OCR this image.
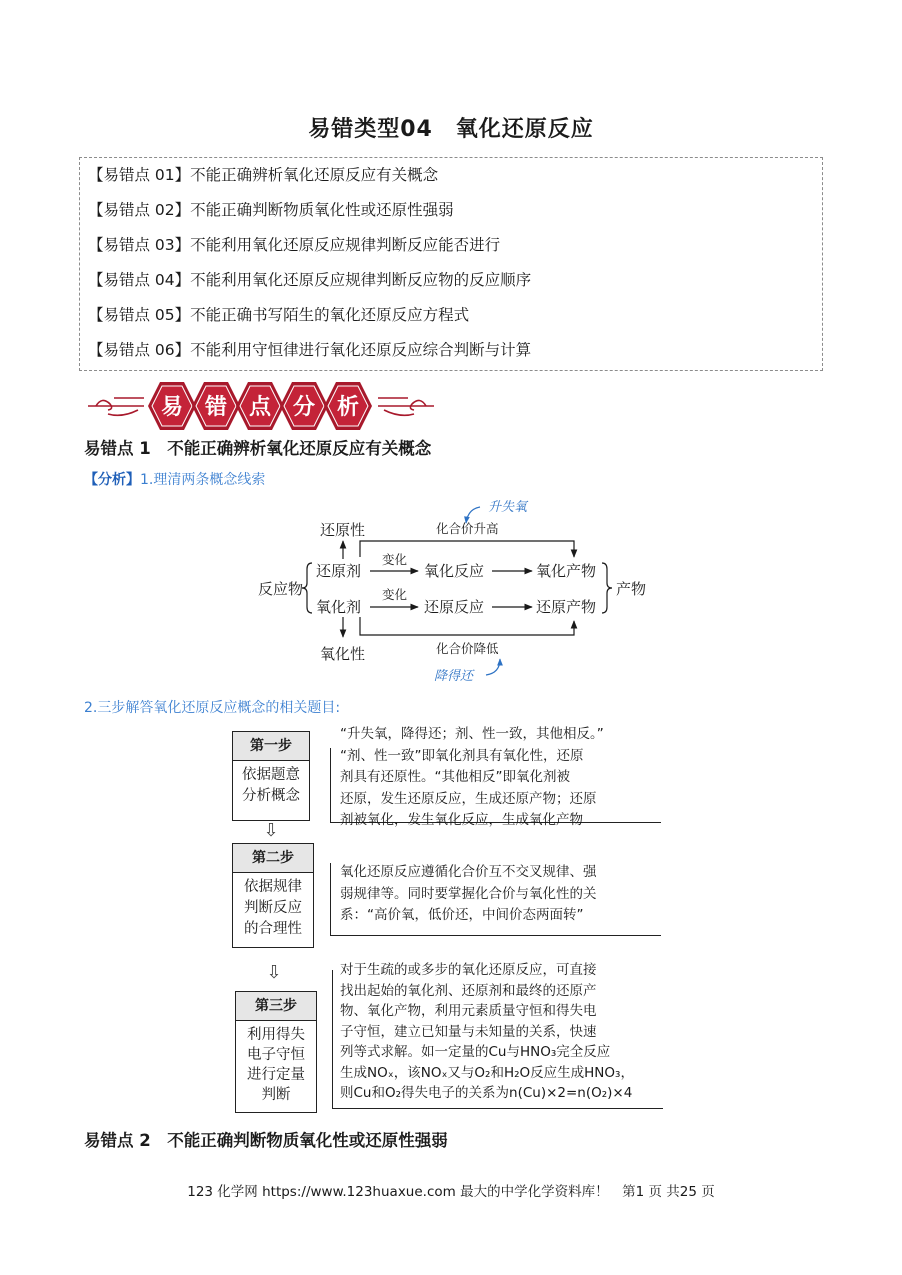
易错类型04　氧化还原反应
【易错点 01】不能正确辨析氧化还原反应有关概念
【易错点 02】不能正确判断物质氧化性或还原性强弱
【易错点 03】不能利用氧化还原反应规律判断反应能否进行
【易错点 04】不能利用氧化还原反应规律判断反应物的反应顺序
【易错点 05】不能正确书写陌生的氧化还原反应方程式
【易错点 06】不能利用守恒律进行氧化还原反应综合判断与计算
易 错 点 分 析
易错点 1　不能正确辨析氧化还原反应有关概念
【分析】1.理清两条概念线索
升失氧
降得还
还原性	化合价升高
反应物
还原剂
氧化剂
氧化性	化合价降低
变化
氧化反应	氧化产物
变化
还原反应	还原产物
产物
2.三步解答氧化还原反应概念的相关题目:
第一步
依据题意
分析概念
“升失氧，降得还；剂、性一致，其他相反。”
“剂、性一致”即氧化剂具有氧化性，还原
剂具有还原性。“其他相反”即氧化剂被
还原，发生还原反应，生成还原产物；还原
剂被氧化，发生氧化反应，生成氧化产物
⇩
第二步
依据规律
判断反应
的合理性
氧化还原反应遵循化合价互不交叉规律、强
弱规律等。同时要掌握化合价与氧化性的关
系：“高价氧，低价还，中间价态两面转”
⇩
第三步
利用得失
电子守恒
进行定量
判断
对于生疏的或多步的氧化还原反应，可直接
找出起始的氧化剂、还原剂和最终的还原产
物、氧化产物，利用元素质量守恒和得失电
子守恒，建立已知量与未知量的关系，快速
列等式求解。如一定量的Cu与HNO₃完全反应
生成NOₓ，该NOₓ又与O₂和H₂O反应生成HNO₃，
则Cu和O₂得失电子的关系为n(Cu)×2=n(O₂)×4
易错点 2　不能正确判断物质氧化性或还原性强弱
123 化学网 https://www.123huaxue.com 最大的中学化学资料库！　第1 页 共25 页
